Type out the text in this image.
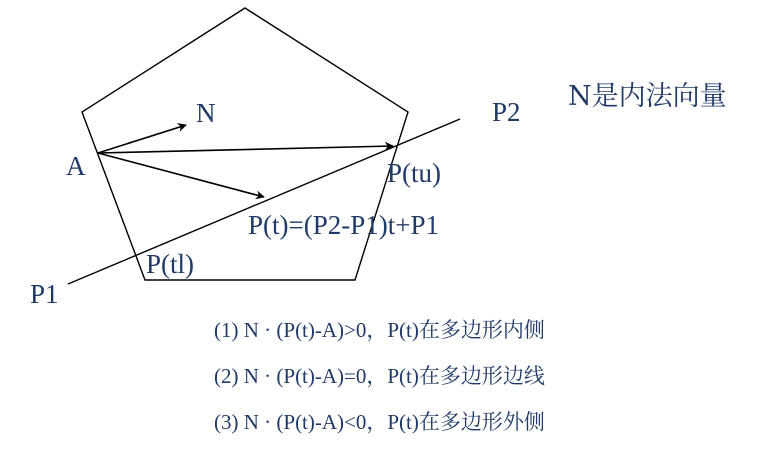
A
N
P1
P2
P(tu)
P(tl)
P(t)=(P2-P1)t+P1
N是内法向量
(1) N · (P(t)-A)>0，P(t)在多边形内侧
(2) N · (P(t)-A)=0，P(t)在多边形边线
(3) N · (P(t)-A)<0，P(t)在多边形外侧
